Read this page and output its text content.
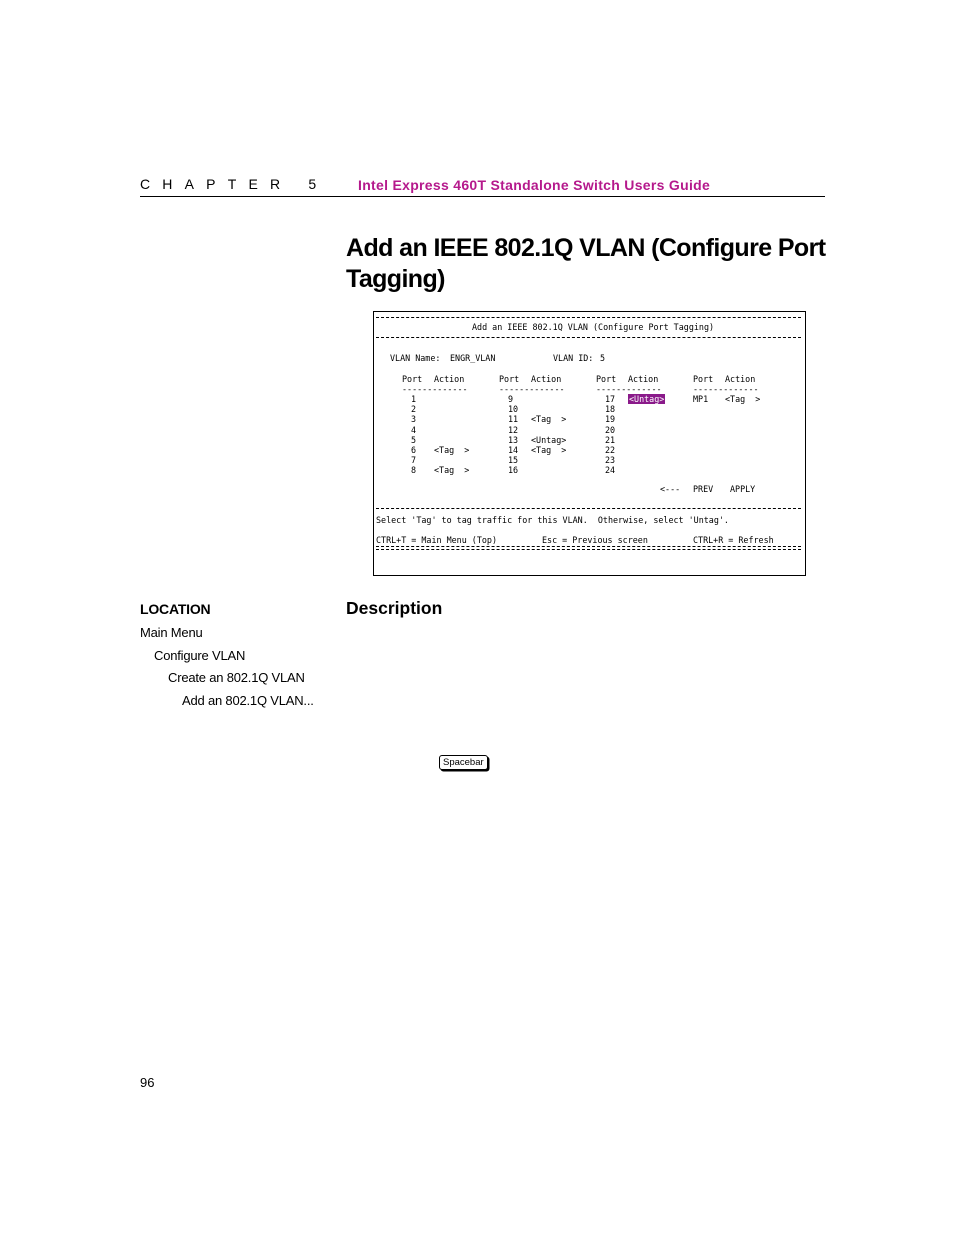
CHAPTER 5 Intel Express 460T Standalone Switch Users Guide
Add an IEEE 802.1Q VLAN (Configure Port Tagging)
Add an IEEE 802.1Q VLAN (Configure Port Tagging)
VLAN Name: ENGR_VLAN	VLAN ID: 5
Port Action
-------------
1
2
3
4
5
6 <Tag  >
7
8 <Tag  >
Port Action
-------------
9
10
11 <Tag  >
12
13 <Untag>
14 <Tag  >
15
16
Port Action
-------------
17 <Untag>
18
19
20
21
22
23
24
Port Action
-------------
MP1 <Tag  >
<--- PREV APPLY
Select 'Tag' to tag traffic for this VLAN.  Otherwise, select 'Untag'.
CTRL+T = Main Menu (Top)	Esc = Previous screen	CTRL+R = Refresh
LOCATION
Main Menu
Configure VLAN
Create an 802.1Q VLAN
Add an 802.1Q VLAN...
Description
Spacebar
96
